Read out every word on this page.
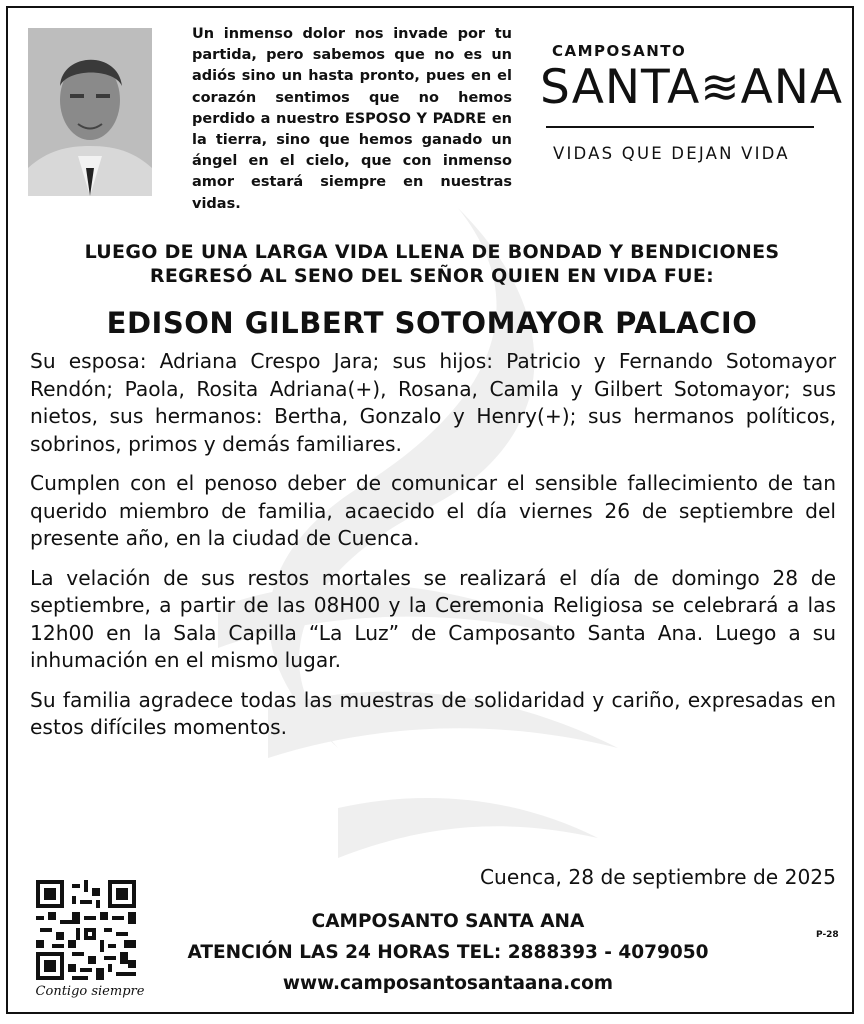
Un inmenso dolor nos invade por tu partida, pero sabemos que no es un adiós sino un hasta pronto, pues en el corazón sentimos que no hemos perdido a nuestro ESPOSO Y PADRE en la tierra, sino que hemos ganado un ángel en el cielo, que con inmenso amor estará siempre en nuestras vidas.
CAMPOSANTO
SANTA≋ANA
VIDAS QUE DEJAN VIDA
LUEGO DE UNA LARGA VIDA LLENA DE BONDAD Y BENDICIONES
REGRESÓ AL SENO DEL SEÑOR QUIEN EN VIDA FUE:
EDISON GILBERT SOTOMAYOR PALACIO

Su esposa: Adriana Crespo Jara; sus hijos: Patricio y Fernando Sotomayor Rendón; Paola, Rosita Adriana(+), Rosana, Camila y Gilbert Sotomayor; sus nietos, sus hermanos: Bertha, Gonzalo y Henry(+); sus hermanos políticos, sobrinos, primos y demás familiares.

Cumplen con el penoso deber de comunicar el sensible fallecimiento de tan querido miembro de familia, acaecido el día viernes 26 de septiembre del presente año, en la ciudad de Cuenca.

La velación de sus restos mortales se realizará el día de domingo 28 de septiembre, a partir de las 08H00 y la Ceremonia Religiosa se celebrará a las 12h00 en la Sala Capilla “La Luz” de Camposanto Santa Ana. Luego a su inhumación en el mismo lugar.

Su familia agradece todas las muestras de solidaridad y cariño, expresadas en estos difíciles momentos.

Cuenca, 28 de septiembre de 2025
Contigo siempre
CAMPOSANTO SANTA ANA
ATENCIÓN LAS 24 HORAS TEL: 2888393 - 4079050
www.camposantosantaana.com
P-28
